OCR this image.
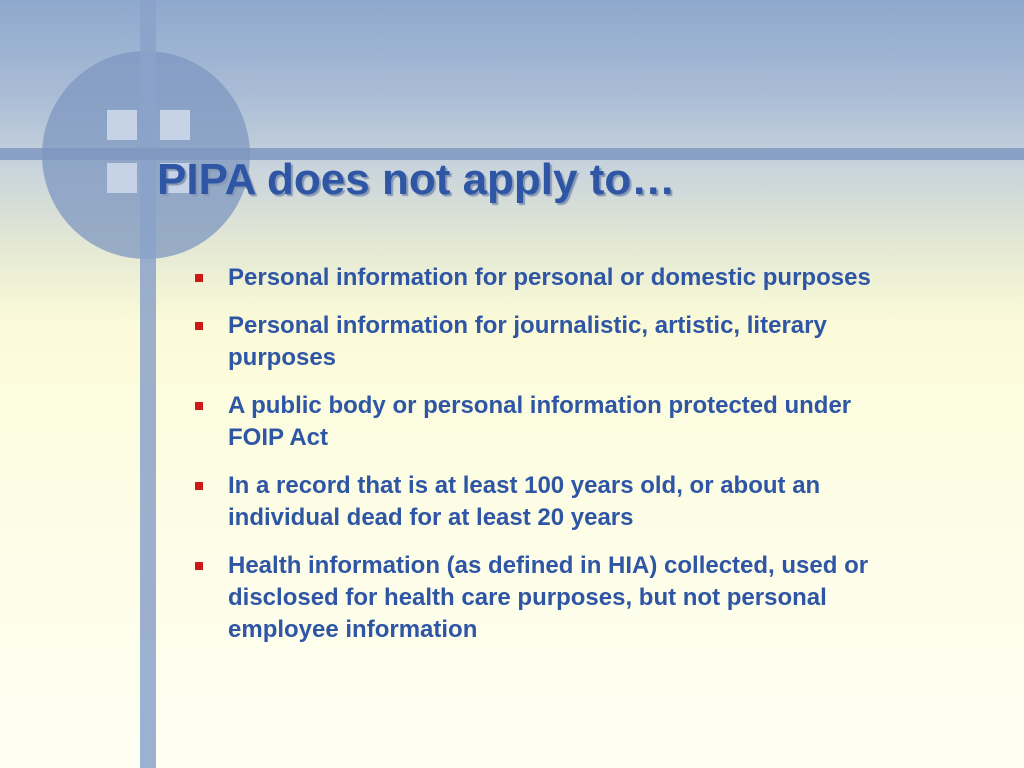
PIPA does not apply to…
Personal information for personal or domestic purposes
Personal information for journalistic, artistic, literary purposes
A public body or personal information protected under FOIP Act
In a record that is at least 100 years old, or about an individual dead for at least 20 years
Health information (as defined in HIA) collected, used or disclosed for health care purposes, but not personal employee information
